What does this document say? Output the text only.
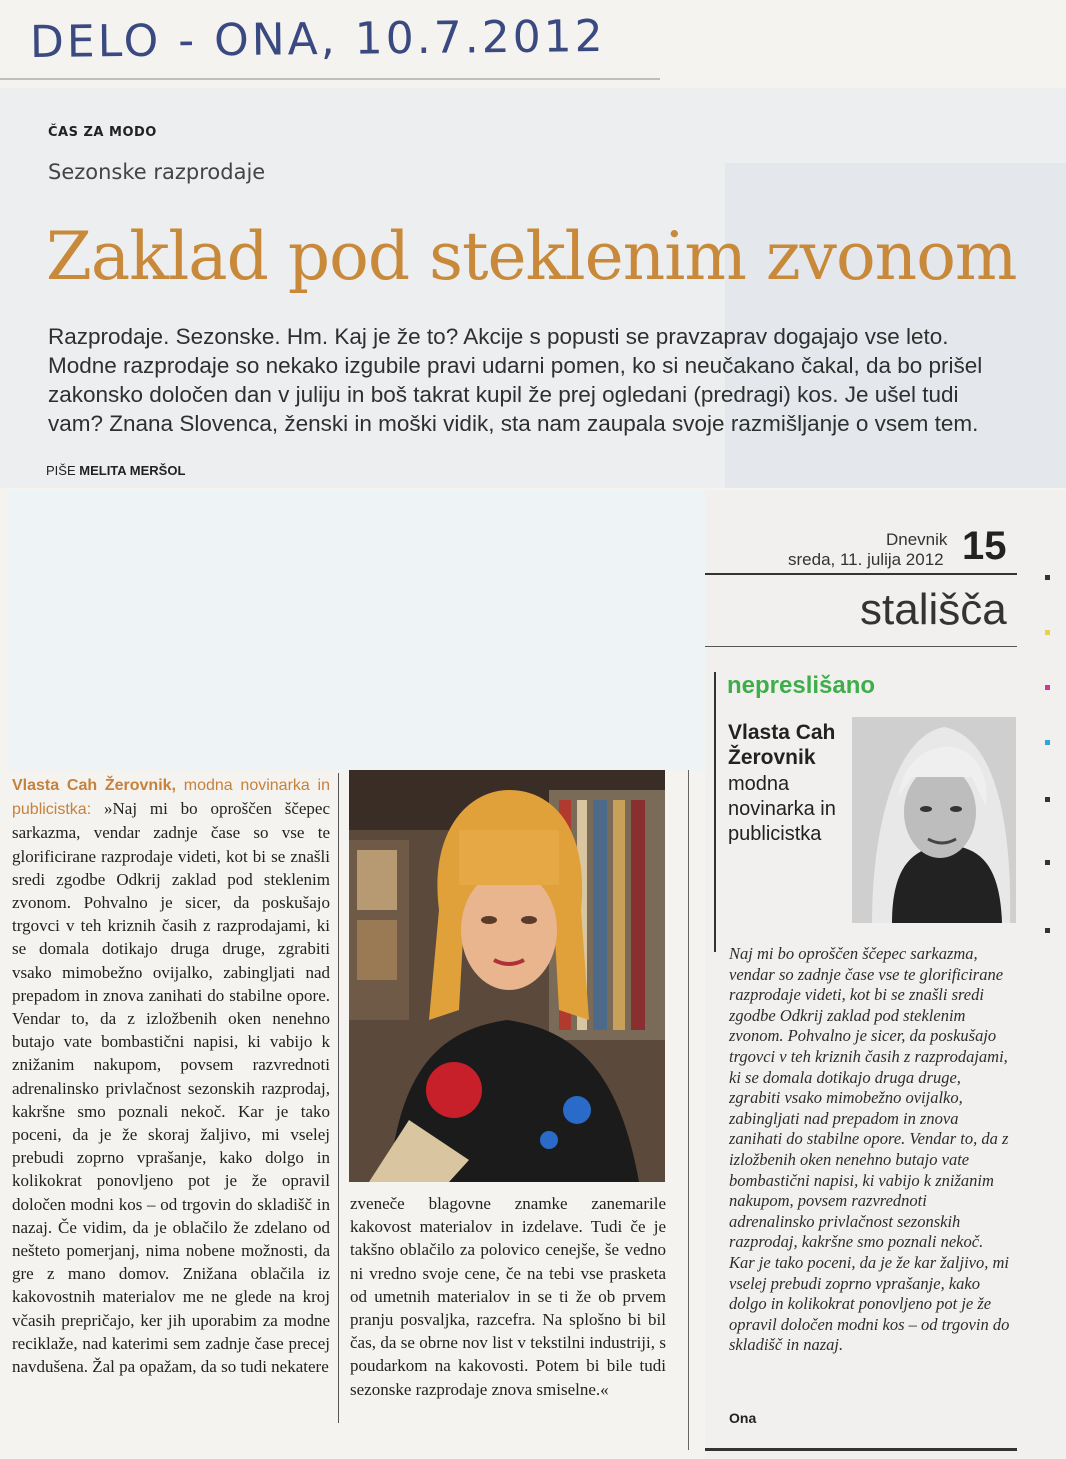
DELO - ONA, 10.7.2012
ČAS ZA MODO
Sezonske razprodaje
Zaklad pod steklenim zvonom
Razprodaje. Sezonske. Hm. Kaj je že to? Akcije s popusti se pravzaprav dogajajo vse leto. Modne razprodaje so nekako izgubile pravi udarni pomen, ko si neučakano čakal, da bo prišel zakonsko določen dan v juliju in boš takrat kupil že prej ogledani (predragi) kos. Je ušel tudi vam? Znana Slovenca, ženski in moški vidik, sta nam zaupala svoje razmišljanje o vsem tem.
PIŠE MELITA MERŠOL
Vlasta Cah Žerovnik, modna novinarka in publicistka: »Naj mi bo oproščen ščepec sarkazma, vendar zadnje čase so vse te glorificirane razprodaje videti, kot bi se znašli sredi zgodbe Odkrij zaklad pod steklenim zvonom. Pohvalno je sicer, da poskušajo trgovci v teh kriznih časih z razprodajami, ki se domala dotikajo druga druge, zgrabiti vsako mimobežno ovijalko, zabingljati nad prepadom in znova zanihati do stabilne opore. Vendar to, da z izložbenih oken nenehno butajo vate bombastični napisi, ki vabijo k znižanim nakupom, povsem razvrednoti adrenalinsko privlačnost sezonskih razprodaj, kakršne smo poznali nekoč. Kar je tako poceni, da je že skoraj žaljivo, mi vselej prebudi zoprno vprašanje, kako dolgo in kolikokrat ponovljeno pot je že opravil določen modni kos – od trgovin do skladišč in nazaj. Če vidim, da je oblačilo že zdelano od nešteto pomerjanj, nima nobene možnosti, da gre z mano domov. Znižana oblačila iz kakovostnih materialov me ne glede na kroj včasih prepričajo, ker jih uporabim za modne reciklaže, nad katerimi sem zadnje čase precej navdušena. Žal pa opažam, da so tudi nekatere
zveneče blagovne znamke zanemarile kakovost materialov in izdelave. Tudi če je takšno oblačilo za polovico cenejše, še vedno ni vredno svoje cene, če na tebi vse prasketa od umetnih materialov in se ti že ob prvem pranju posvaljka, razcefra. Na splošno bi bil čas, da se obrne nov list v tekstilni industriji, s poudarkom na kakovosti. Potem bi bile tudi sezonske razprodaje znova smiselne.«
Dnevnik
sreda, 11. julija 2012 15
stališča
nepreslišano
Vlasta Cah Žerovnik
modna novinarka in publicistka
Naj mi bo oproščen ščepec sarkazma, vendar so zadnje čase vse te glorificirane razprodaje videti, kot bi se znašli sredi zgodbe Odkrij zaklad pod steklenim zvonom. Pohvalno je sicer, da poskušajo trgovci v teh kriznih časih z razprodajami, ki se domala dotikajo druga druge, zgrabiti vsako mimobežno ovijalko, zabingljati nad prepadom in znova zanihati do stabilne opore. Vendar to, da z izložbenih oken nenehno butajo vate bombastični napisi, ki vabijo k znižanim nakupom, povsem razvrednoti adrenalinsko privlačnost sezonskih razprodaj, kakršne smo poznali nekoč. Kar je tako poceni, da je že kar žaljivo, mi vselej prebudi zoprno vprašanje, kako dolgo in kolikokrat ponovljeno pot je že opravil določen modni kos – od trgovin do skladišč in nazaj.
Ona
